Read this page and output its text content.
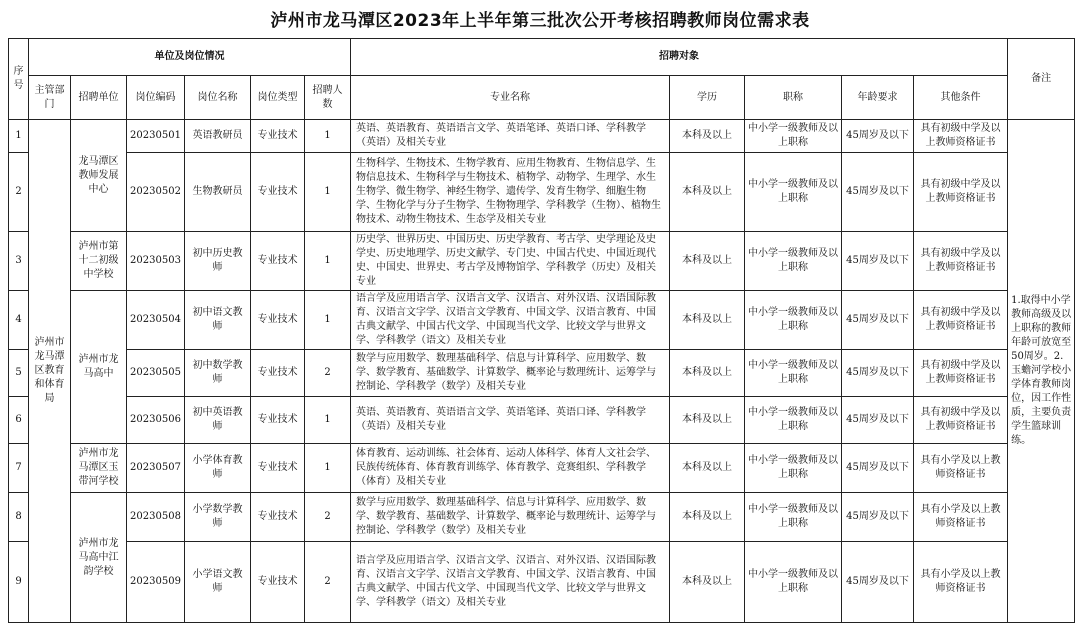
泸州市龙马潭区2023年上半年第三批次公开考核招聘教师岗位需求表
序号	单位及岗位情况						招聘对象					备注
	主管部门	招聘单位	岗位编码	岗位名称	岗位类型	招聘人数	专业名称	学历	职称	年龄要求	其他条件	
1	泸州市龙马潭区教育和体育局	龙马潭区教师发展中心	20230501	英语教研员	专业技术	1	英语、英语教育、英语语言文学、英语笔译、英语口译、学科教学（英语）及相关专业	本科及以上	中小学一级教师及以上职称	45周岁及以下	具有初级中学及以上教师资格证书	1.取得中小学教师高级及以上职称的教师年龄可放宽至50周岁。2.玉蟾河学校小学体育教师岗位，因工作性质，主要负责学生篮球训练。
2			20230502	生物教研员	专业技术	1	生物科学、生物技术、生物学教育、应用生物教育、生物信息学、生物信息技术、生物科学与生物技术、植物学、动物学、生理学、水生生物学、微生物学、神经生物学、遗传学、发育生物学、细胞生物学、生物化学与分子生物学、生物物理学、学科教学（生物）、植物生物技术、动物生物技术、生态学及相关专业	本科及以上	中小学一级教师及以上职称	45周岁及以下	具有初级中学及以上教师资格证书	
3		泸州市第十二初级中学校	20230503	初中历史教师	专业技术	1	历史学、世界历史、中国历史、历史学教育、考古学、史学理论及史学史、历史地理学、历史文献学、专门史、中国古代史、中国近现代史、中国史、世界史、考古学及博物馆学、学科教学（历史）及相关专业	本科及以上	中小学一级教师及以上职称	45周岁及以下	具有初级中学及以上教师资格证书	
4		泸州市龙马高中	20230504	初中语文教师	专业技术	1	语言学及应用语言学、汉语言文学、汉语言、对外汉语、汉语国际教育、汉语言文字学、汉语言文学教育、中国文学、汉语言教育、中国古典文献学、中国古代文学、中国现当代文学、比较文学与世界文学、学科教学（语文）及相关专业	本科及以上	中小学一级教师及以上职称	45周岁及以下	具有初级中学及以上教师资格证书	
5			20230505	初中数学教师	专业技术	2	数学与应用数学、数理基础科学、信息与计算科学、应用数学、数学、数学教育、基础数学、计算数学、概率论与数理统计、运筹学与控制论、学科教学（数学）及相关专业	本科及以上	中小学一级教师及以上职称	45周岁及以下	具有初级中学及以上教师资格证书	
6			20230506	初中英语教师	专业技术	1	英语、英语教育、英语语言文学、英语笔译、英语口译、学科教学（英语）及相关专业	本科及以上	中小学一级教师及以上职称	45周岁及以下	具有初级中学及以上教师资格证书	
7		泸州市龙马潭区玉带河学校	20230507	小学体育教师	专业技术	1	体育教育、运动训练、社会体育、运动人体科学、体育人文社会学、民族传统体育、体育教育训练学、体育教学、竞赛组织、学科教学（体育）及相关专业	本科及以上	中小学一级教师及以上职称	45周岁及以下	具有小学及以上教师资格证书	
8		泸州市龙马高中江韵学校	20230508	小学数学教师	专业技术	2	数学与应用数学、数理基础科学、信息与计算科学、应用数学、数学、数学教育、基础数学、计算数学、概率论与数理统计、运筹学与控制论、学科教学（数学）及相关专业	本科及以上	中小学一级教师及以上职称	45周岁及以下	具有小学及以上教师资格证书	
9			20230509	小学语文教师	专业技术	2	语言学及应用语言学、汉语言文学、汉语言、对外汉语、汉语国际教育、汉语言文字学、汉语言文学教育、中国文学、汉语言教育、中国古典文献学、中国古代文学、中国现当代文学、比较文学与世界文学、学科教学（语文）及相关专业	本科及以上	中小学一级教师及以上职称	45周岁及以下	具有小学及以上教师资格证书	
